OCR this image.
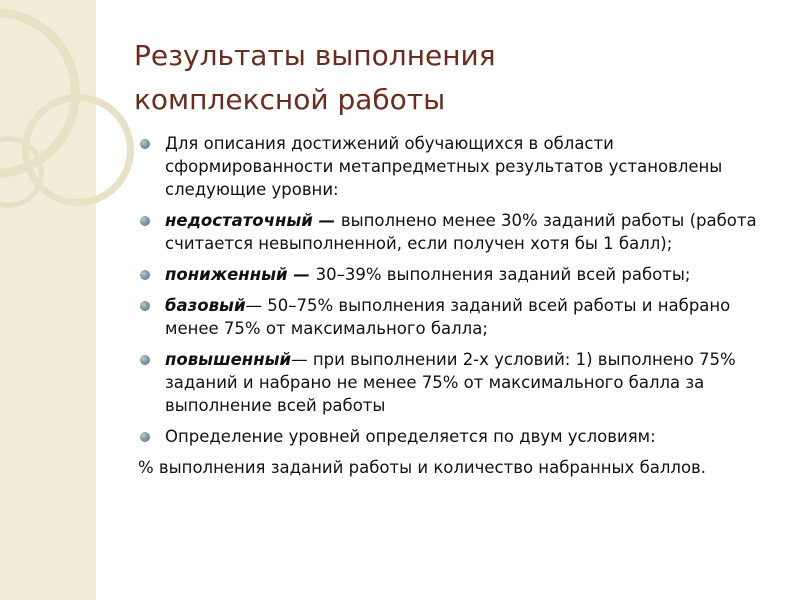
Результаты выполнения
комплексной работы
Для описания достижений обучающихся в области сформированности метапредметных результатов установлены следующие уровни:
недостаточный — выполнено менее 30% заданий работы (работа считается невыполненной, если получен хотя бы 1 балл);
пониженный — 30–39% выполнения заданий всей работы;
базовый— 50–75% выполнения заданий всей работы и набрано менее 75% от максимального балла;
повышенный— при выполнении 2-х условий: 1) выполнено 75% заданий и набрано не менее 75% от максимального балла за выполнение всей работы
Определение уровней определяется по двум условиям:
% выполнения заданий работы и количество набранных баллов.
